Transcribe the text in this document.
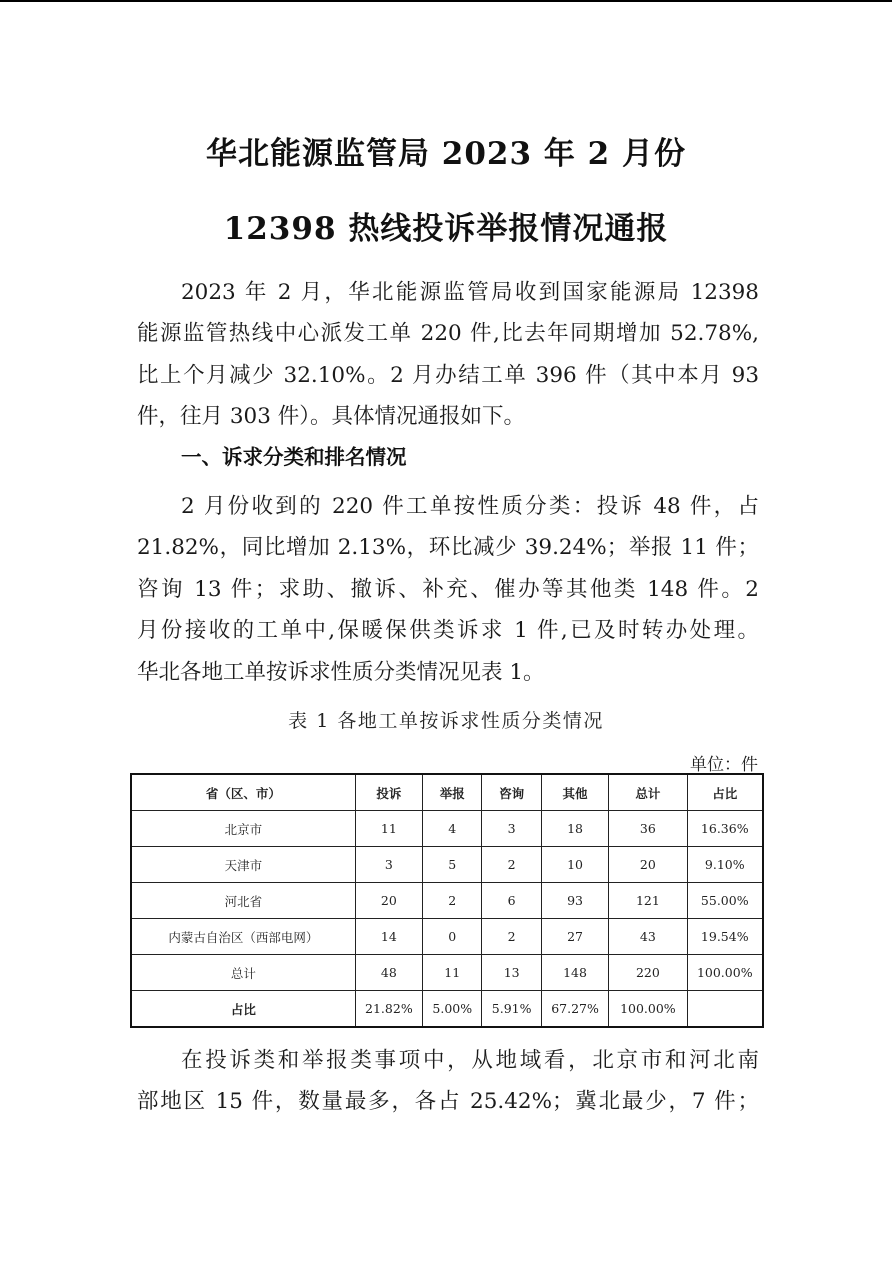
华北能源监管局 2023 年 2 月份
12398 热线投诉举报情况通报
2023 年 2 月，华北能源监管局收到国家能源局 12398
能源监管热线中心派发工单 220 件,比去年同期增加 52.78%,
比上个月减少 32.10%。2 月办结工单 396 件（其中本月 93
件，往月 303 件）。具体情况通报如下。
一、诉求分类和排名情况
2 月份收到的 220 件工单按性质分类：投诉 48 件，占
21.82%，同比增加 2.13%，环比减少 39.24%；举报 11 件；
咨询 13 件；求助、撤诉、补充、催办等其他类 148 件。2
月份接收的工单中,保暖保供类诉求 1 件,已及时转办处理。
华北各地工单按诉求性质分类情况见表 1。
表 1 各地工单按诉求性质分类情况
单位：件
省（区、市）	投诉	举报	咨询	其他	总计	占比
北京市	11	4	3	18	36	16.36%
天津市	3	5	2	10	20	9.10%
河北省	20	2	6	93	121	55.00%
内蒙古自治区（西部电网）	14	0	2	27	43	19.54%
总计	48	11	13	148	220	100.00%
占比	21.82%	5.00%	5.91%	67.27%	100.00%	
在投诉类和举报类事项中，从地域看，北京市和河北南
部地区 15 件，数量最多，各占 25.42%；冀北最少，7 件；
